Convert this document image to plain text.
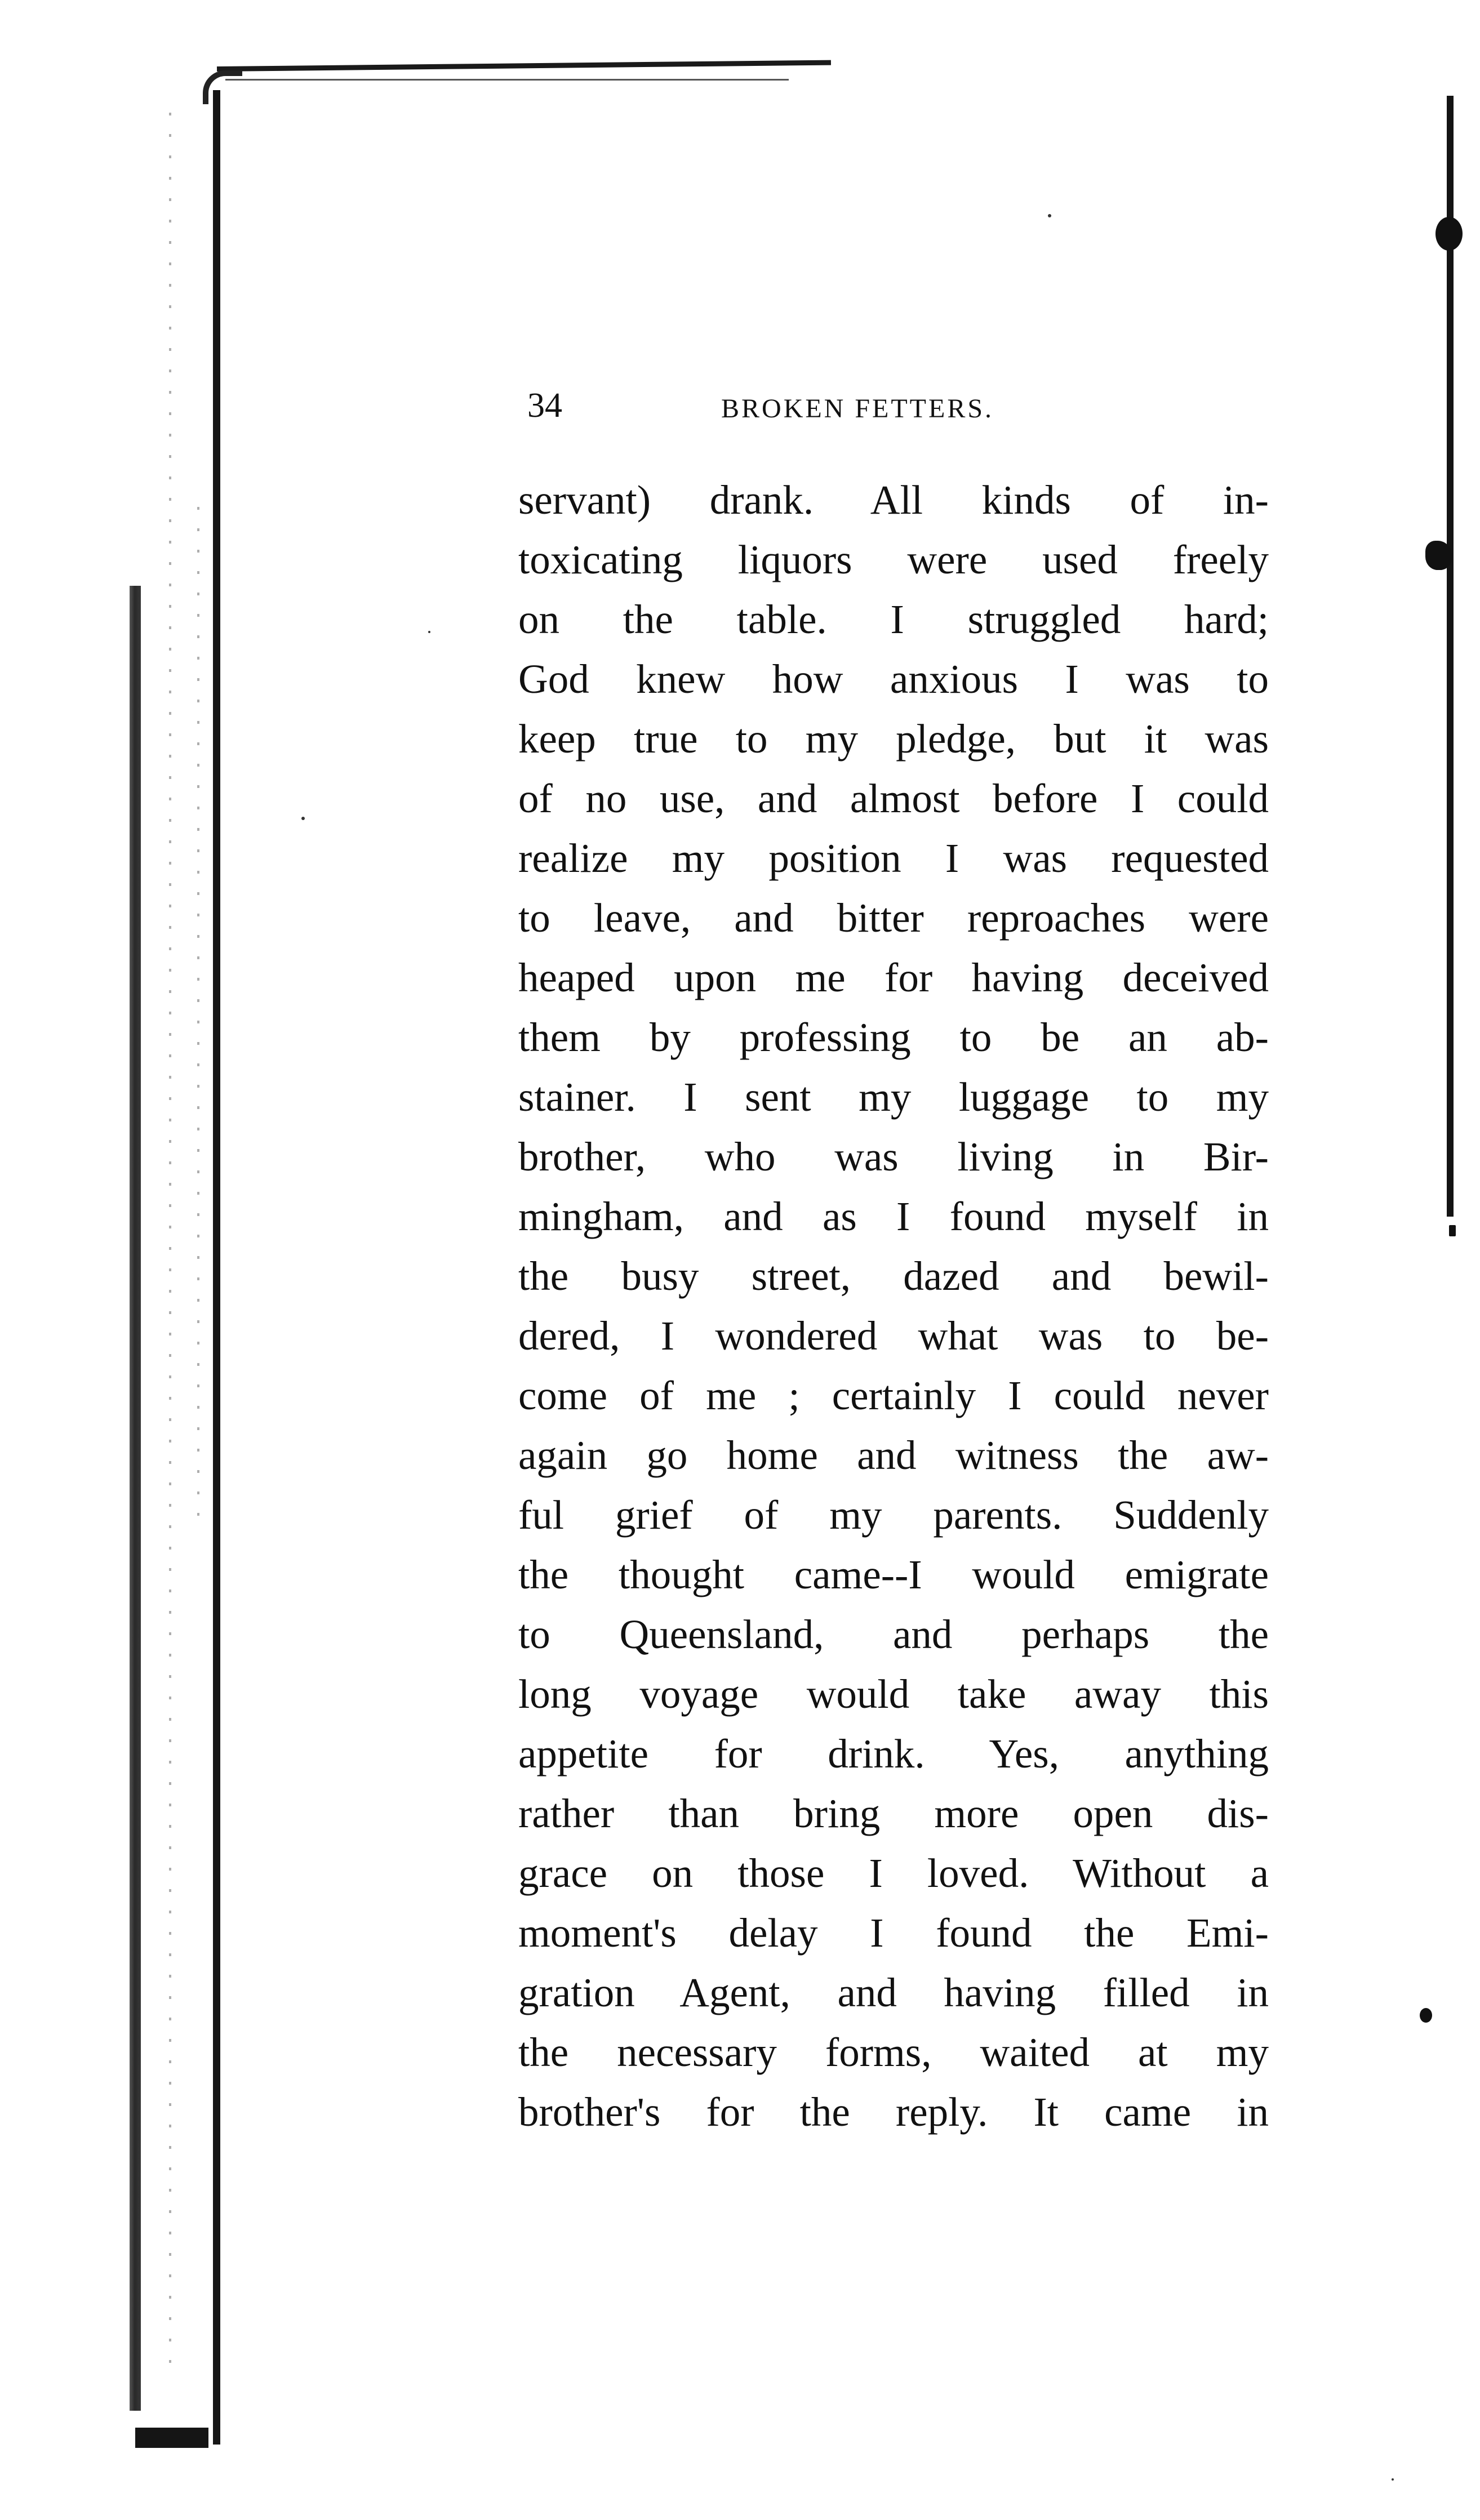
34	BROKEN FETTERS.
servant) drank. All kinds of in-
toxicating liquors were used freely
on the table. I struggled hard;
God knew how anxious I was to
keep true to my pledge, but it was
of no use, and almost before I could
realize my position I was requested
to leave, and bitter reproaches were
heaped upon me for having deceived
them by professing to be an ab-
stainer. I sent my luggage to my
brother, who was living in Bir-
mingham, and as I found myself in
the busy street, dazed and bewil-
dered, I wondered what was to be-
come of me ; certainly I could never
again go home and witness the aw-
ful grief of my parents. Suddenly
the thought came--I would emigrate
to Queensland, and perhaps the
long voyage would take away this
appetite for drink. Yes, anything
rather than bring more open dis-
grace on those I loved. Without a
moment's delay I found the Emi-
gration Agent, and having filled in
the necessary forms, waited at my
brother's for the reply. It came in
